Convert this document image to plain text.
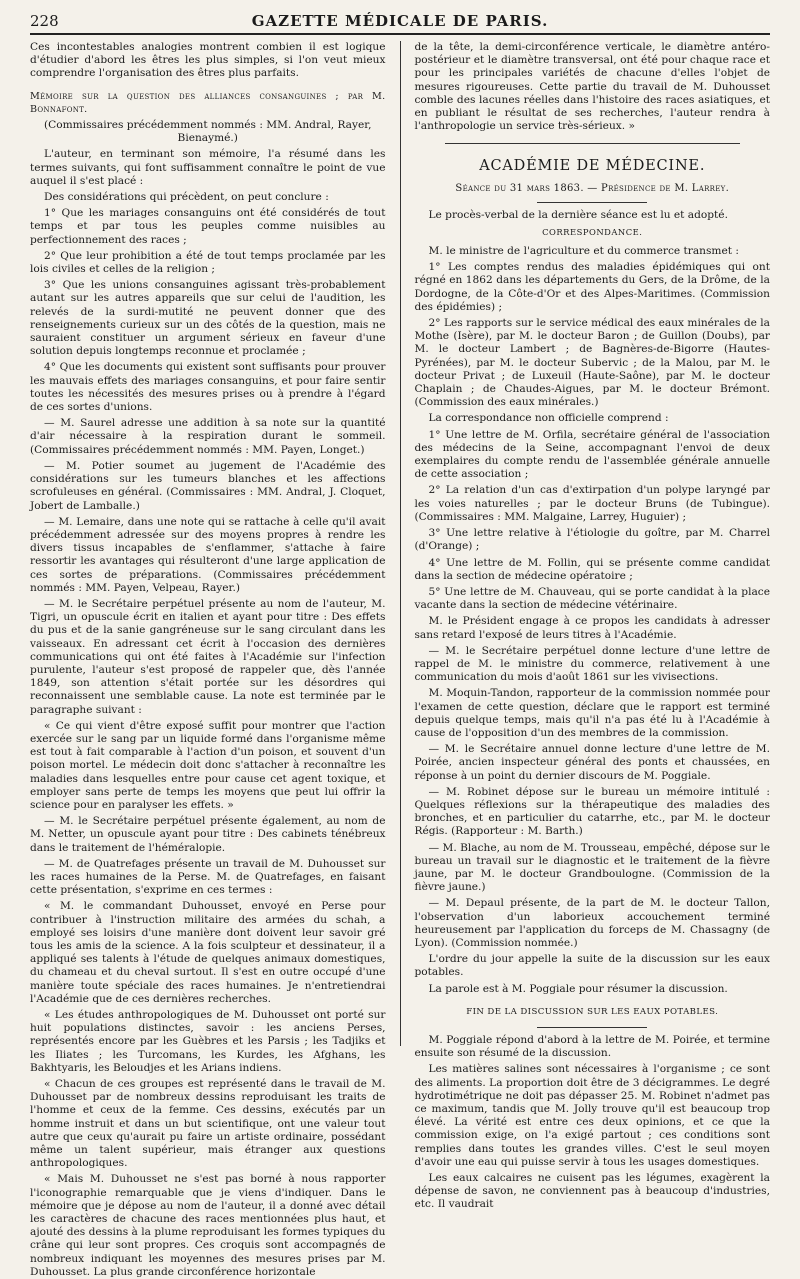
228	GAZETTE MÉDICALE DE PARIS.

Ces incontestables analogies montrent combien il est logique d'étudier d'abord les êtres les plus simples, si l'on veut mieux comprendre l'organisation des êtres plus parfaits.

Mémoire sur la question des alliances consanguines ; par M. Bonnafont.

(Commissaires précédemment nommés : MM. Andral, Rayer, Bienaymé.)

L'auteur, en terminant son mémoire, l'a résumé dans les termes suivants, qui font suffisamment connaître le point de vue auquel il s'est placé :

Des considérations qui précèdent, on peut conclure :

1° Que les mariages consanguins ont été considérés de tout temps et par tous les peuples comme nuisibles au perfectionnement des races ;

2° Que leur prohibition a été de tout temps proclamée par les lois civiles et celles de la religion ;

3° Que les unions consanguines agissant très-probablement autant sur les autres appareils que sur celui de l'audition, les relevés de la surdi-mutité ne peuvent donner que des renseignements curieux sur un des côtés de la question, mais ne sauraient constituer un argument sérieux en faveur d'une solution depuis longtemps reconnue et proclamée ;

4° Que les documents qui existent sont suffisants pour prouver les mauvais effets des mariages consanguins, et pour faire sentir toutes les nécessités des mesures prises ou à prendre à l'égard de ces sortes d'unions.

— M. Saurel adresse une addition à sa note sur la quantité d'air nécessaire à la respiration durant le sommeil. (Commissaires précédemment nommés : MM. Payen, Longet.)

— M. Potier soumet au jugement de l'Académie des considérations sur les tumeurs blanches et les affections scrofuleuses en général. (Commissaires : MM. Andral, J. Cloquet, Jobert de Lamballe.)

— M. Lemaire, dans une note qui se rattache à celle qu'il avait précédemment adressée sur des moyens propres à rendre les divers tissus incapables de s'enflammer, s'attache à faire ressortir les avantages qui résulteront d'une large application de ces sortes de préparations. (Commissaires précédemment nommés : MM. Payen, Velpeau, Rayer.)

— M. le Secrétaire perpétuel présente au nom de l'auteur, M. Tigri, un opuscule écrit en italien et ayant pour titre : Des effets du pus et de la sanie gangréneuse sur le sang circulant dans les vaisseaux. En adressant cet écrit à l'occasion des dernières communications qui ont été faites à l'Académie sur l'infection purulente, l'auteur s'est proposé de rappeler que, dès l'année 1849, son attention s'était portée sur les désordres qui reconnaissent une semblable cause. La note est terminée par le paragraphe suivant :

« Ce qui vient d'être exposé suffit pour montrer que l'action exercée sur le sang par un liquide formé dans l'organisme même est tout à fait comparable à l'action d'un poison, et souvent d'un poison mortel. Le médecin doit donc s'attacher à reconnaître les maladies dans lesquelles entre pour cause cet agent toxique, et employer sans perte de temps les moyens que peut lui offrir la science pour en paralyser les effets. »

— M. le Secrétaire perpétuel présente également, au nom de M. Netter, un opuscule ayant pour titre : Des cabinets ténébreux dans le traitement de l'héméralopie.

— M. de Quatrefages présente un travail de M. Duhousset sur les races humaines de la Perse. M. de Quatrefages, en faisant cette présentation, s'exprime en ces termes :

« M. le commandant Duhousset, envoyé en Perse pour contribuer à l'instruction militaire des armées du schah, a employé ses loisirs d'une manière dont doivent leur savoir gré tous les amis de la science. A la fois sculpteur et dessinateur, il a appliqué ses talents à l'étude de quelques animaux domestiques, du chameau et du cheval surtout. Il s'est en outre occupé d'une manière toute spéciale des races humaines. Je n'entretiendrai l'Académie que de ces dernières recherches.

« Les études anthropologiques de M. Duhousset ont porté sur huit populations distinctes, savoir : les anciens Perses, représentés encore par les Guèbres et les Parsis ; les Tadjiks et les Iliates ; les Turcomans, les Kurdes, les Afghans, les Bakhtyaris, les Beloudjes et les Arians indiens.

« Chacun de ces groupes est représenté dans le travail de M. Duhousset par de nombreux dessins reproduisant les traits de l'homme et ceux de la femme. Ces dessins, exécutés par un homme instruit et dans un but scientifique, ont une valeur tout autre que ceux qu'aurait pu faire un artiste ordinaire, possédant même un talent supérieur, mais étranger aux questions anthropologiques.

« Mais M. Duhousset ne s'est pas borné à nous rapporter l'iconographie remarquable que je viens d'indiquer. Dans le mémoire que je dépose au nom de l'auteur, il a donné avec détail les caractères de chacune des races mentionnées plus haut, et ajouté des dessins à la plume reproduisant les formes typiques du crâne qui leur sont propres. Ces croquis sont accompagnés de nombreux indiquant les moyennes des mesures prises par M. Duhousset. La plus grande circonférence horizontale

de la tête, la demi-circonférence verticale, le diamètre antéro-postérieur et le diamètre transversal, ont été pour chaque race et pour les principales variétés de chacune d'elles l'objet de mesures rigoureuses. Cette partie du travail de M. Duhousset comble des lacunes réelles dans l'histoire des races asiatiques, et en publiant le résultat de ses recherches, l'auteur rendra à l'anthropologie un service très-sérieux. »

ACADÉMIE DE MÉDECINE.

Séance du 31 mars 1863. — Présidence de M. Larrey.

Le procès-verbal de la dernière séance est lu et adopté.

CORRESPONDANCE.

M. le ministre de l'agriculture et du commerce transmet :

1° Les comptes rendus des maladies épidémiques qui ont régné en 1862 dans les départements du Gers, de la Drôme, de la Dordogne, de la Côte-d'Or et des Alpes-Maritimes. (Commission des épidémies) ;

2° Les rapports sur le service médical des eaux minérales de la Mothe (Isère), par M. le docteur Baron ; de Guillon (Doubs), par M. le docteur Lambert ; de Bagnères-de-Bigorre (Hautes-Pyrénées), par M. le docteur Subervic ; de la Malou, par M. le docteur Privat ; de Luxeuil (Haute-Saône), par M. le docteur Chaplain ; de Chaudes-Aigues, par M. le docteur Brémont. (Commission des eaux minérales.)

La correspondance non officielle comprend :

1° Une lettre de M. Orfila, secrétaire général de l'association des médecins de la Seine, accompagnant l'envoi de deux exemplaires du compte rendu de l'assemblée générale annuelle de cette association ;

2° La relation d'un cas d'extirpation d'un polype laryngé par les voies naturelles ; par le docteur Bruns (de Tubingue). (Commissaires : MM. Malgaine, Larrey, Huguier) ;

3° Une lettre relative à l'étiologie du goître, par M. Charrel (d'Orange) ;

4° Une lettre de M. Follin, qui se présente comme candidat dans la section de médecine opératoire ;

5° Une lettre de M. Chauveau, qui se porte candidat à la place vacante dans la section de médecine vétérinaire.

M. le Président engage à ce propos les candidats à adresser sans retard l'exposé de leurs titres à l'Académie.

— M. le Secrétaire perpétuel donne lecture d'une lettre de rappel de M. le ministre du commerce, relativement à une communication du mois d'août 1861 sur les vivisections.

M. Moquin-Tandon, rapporteur de la commission nommée pour l'examen de cette question, déclare que le rapport est terminé depuis quelque temps, mais qu'il n'a pas été lu à l'Académie à cause de l'opposition d'un des membres de la commission.

— M. le Secrétaire annuel donne lecture d'une lettre de M. Poirée, ancien inspecteur général des ponts et chaussées, en réponse à un point du dernier discours de M. Poggiale.

— M. Robinet dépose sur le bureau un mémoire intitulé : Quelques réflexions sur la thérapeutique des maladies des bronches, et en particulier du catarrhe, etc., par M. le docteur Régis. (Rapporteur : M. Barth.)

— M. Blache, au nom de M. Trousseau, empêché, dépose sur le bureau un travail sur le diagnostic et le traitement de la fièvre jaune, par M. le docteur Grandboulogne. (Commission de la fièvre jaune.)

— M. Depaul présente, de la part de M. le docteur Tallon, l'observation d'un laborieux accouchement terminé heureusement par l'application du forceps de M. Chassagny (de Lyon). (Commission nommée.)

L'ordre du jour appelle la suite de la discussion sur les eaux potables.

La parole est à M. Poggiale pour résumer la discussion.

FIN DE LA DISCUSSION SUR LES EAUX POTABLES.

M. Poggiale répond d'abord à la lettre de M. Poirée, et termine ensuite son résumé de la discussion.

Les matières salines sont nécessaires à l'organisme ; ce sont des aliments. La proportion doit être de 3 décigrammes. Le degré hydrotimétrique ne doit pas dépasser 25. M. Robinet n'admet pas ce maximum, tandis que M. Jolly trouve qu'il est beaucoup trop élevé. La vérité est entre ces deux opinions, et ce que la commission exige, on l'a exigé partout ; ces conditions sont remplies dans toutes les grandes villes. C'est le seul moyen d'avoir une eau qui puisse servir à tous les usages domestiques.

Les eaux calcaires ne cuisent pas les légumes, exagèrent la dépense de savon, ne conviennent pas à beaucoup d'industries, etc. Il vaudrait
